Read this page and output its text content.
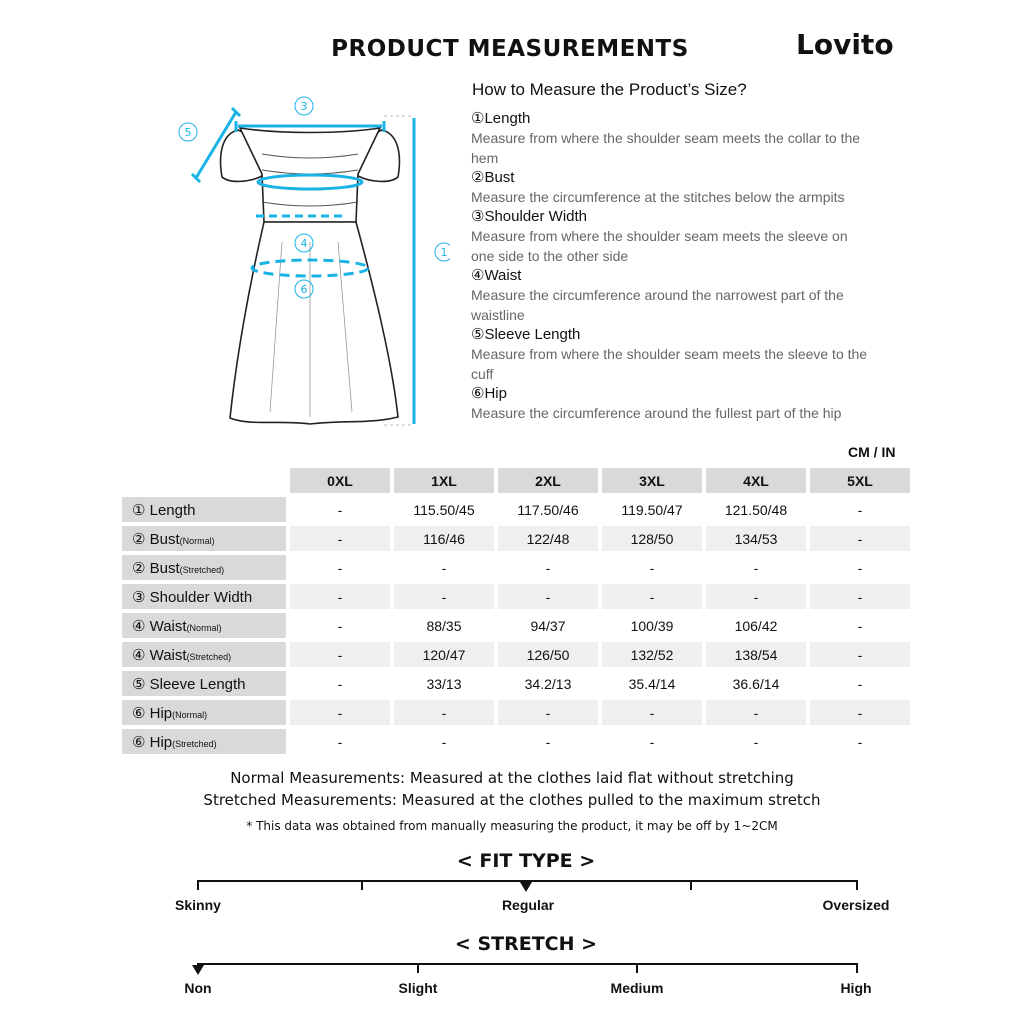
PRODUCT MEASUREMENTS	Lovito
3
5
4
6
1
How to Measure the Product’s Size?
①Length
Measure from where the shoulder seam meets the collar to the hem
②Bust
Measure the circumference at the stitches below the armpits
③Shoulder Width
Measure from where the shoulder seam meets the sleeve on one side to the other side
④Waist
Measure the circumference around the narrowest part of the waistline
⑤Sleeve Length
Measure from where the shoulder seam meets the sleeve to the cuff
⑥Hip
Measure the circumference around the fullest part of the hip
CM / IN
	0XL	1XL	2XL	3XL	4XL	5XL
① Length	-	115.50/45	117.50/46	119.50/47	121.50/48	-
② Bust(Normal)	-	116/46	122/48	128/50	134/53	-
② Bust(Stretched)	-	-	-	-	-	-
③ Shoulder Width	-	-	-	-	-	-
④ Waist(Normal)	-	88/35	94/37	100/39	106/42	-
④ Waist(Stretched)	-	120/47	126/50	132/52	138/54	-
⑤ Sleeve Length	-	33/13	34.2/13	35.4/14	36.6/14	-
⑥ Hip(Normal)	-	-	-	-	-	-
⑥ Hip(Stretched)	-	-	-	-	-	-
Normal Measurements: Measured at the clothes laid flat without stretching
Stretched Measurements: Measured at the clothes pulled to the maximum stretch
* This data was obtained from manually measuring the product, it may be off by 1~2CM
< FIT TYPE >
Skinny	Regular	Oversized
< STRETCH >
Non	Slight	Medium	High
